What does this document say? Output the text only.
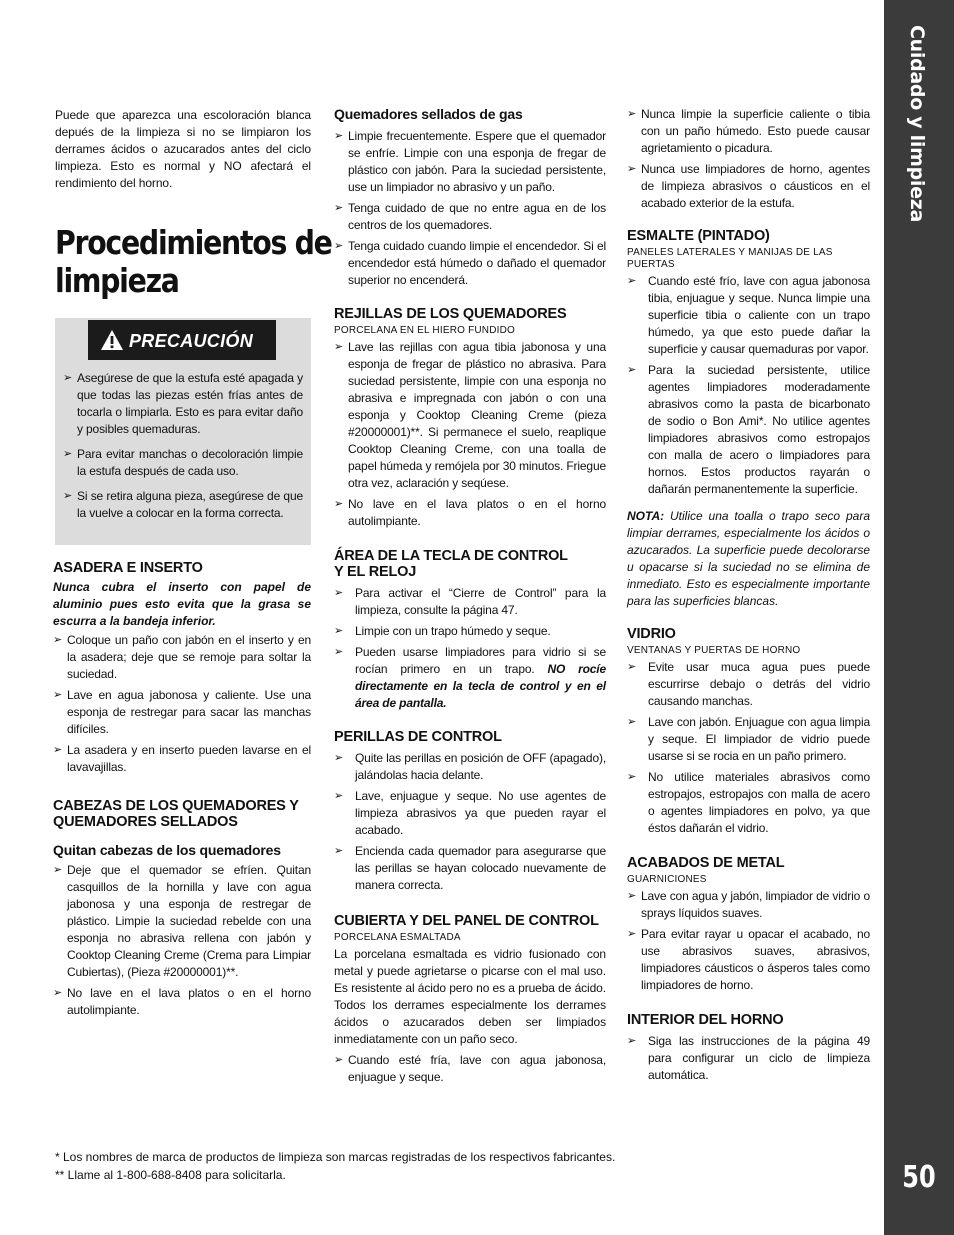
Puede que aparezca una escoloración blanca depués de la limpieza si no se limpiaron los derrames ácidos o azucarados antes del ciclo limpieza. Esto es normal y NO afectará el rendimiento del horno.

Procedimientos de
limpieza
PRECAUCIÓN
➢ Asegúrese de que la estufa esté apagada y que todas las piezas estén frías antes de tocarla o limpiarla. Esto es para evitar daño y posibles quemaduras.
➢ Para evitar manchas o decoloración limpie la estufa después de cada uso.
➢ Si se retira alguna pieza, asegúrese de que la vuelve a colocar en la forma correcta.

ASADERA E INSERTO

Nunca cubra el inserto con papel de aluminio pues esto evita que la grasa se escurra a la bandeja inferior.

➢ Coloque un paño con jabón en el inserto y en la asadera; deje que se remoje para soltar la suciedad.
➢ Lave en agua jabonosa y caliente. Use una esponja de restregar para sacar las manchas difíciles.
➢ La asadera y en inserto pueden lavarse en el lavavajillas.

CABEZAS DE LOS QUEMADORES Y
QUEMADORES SELLADOS

Quitan cabezas de los quemadores

➢ Deje que el quemador se efríen. Quitan casquillos de la hornilla y lave con agua jabonosa y una esponja de restregar de plástico. Limpie la suciedad rebelde con una esponja no abrasiva rellena con jabón y Cooktop Cleaning Creme (Crema para Limpiar Cubiertas), (Pieza #20000001)**.
➢ No lave en el lava platos o en el horno autolimpiante.

Quemadores sellados de gas

➢ Limpie frecuentemente. Espere que el quemador se enfríe. Limpie con una esponja de fregar de plástico con jabón. Para la suciedad persistente, use un limpiador no abrasivo y un paño.
➢ Tenga cuidado de que no entre agua en de los centros de los quemadores.
➢ Tenga cuidado cuando limpie el encendedor. Si el encendedor está húmedo o dañado el quemador superior no encenderá.

REJILLAS DE LOS QUEMADORES

PORCELANA EN EL HIERO FUNDIDO

➢ Lave las rejillas con agua tibia jabonosa y una esponja de fregar de plástico no abrasiva. Para suciedad persistente, limpie con una esponja no abrasiva e impregnada con jabón o con una esponja y Cooktop Cleaning Creme (pieza #20000001)**. Si permanece el suelo, reaplique Cooktop Cleaning Creme, con una toalla de papel húmeda y remójela por 30 minutos. Friegue otra vez, aclaración y seqúese.
➢ No lave en el lava platos o en el horno autolimpiante.

ÁREA DE LA TECLA DE CONTROL
Y EL RELOJ

➢ Para activar el “Cierre de Control” para la limpieza, consulte la página 47.
➢ Limpie con un trapo húmedo y seque.
➢ Pueden usarse limpiadores para vidrio si se rocían primero en un trapo. NO rocíe directamente en la tecla de control y en el área de pantalla.

PERILLAS DE CONTROL

➢ Quite las perillas en posición de OFF (apagado), jalándolas hacia delante.
➢ Lave, enjuague y seque. No use agentes de limpieza abrasivos ya que pueden rayar el acabado.
➢ Encienda cada quemador para asegurarse que las perillas se hayan colocado nuevamente de manera correcta.

CUBIERTA Y DEL PANEL DE CONTROL

PORCELANA ESMALTADA

La porcelana esmaltada es vidrio fusionado con metal y puede agrietarse o picarse con el mal uso. Es resistente al ácido pero no es a prueba de ácido. Todos los derrames especialmente los derrames ácidos o azucarados deben ser limpiados inmediatamente con un paño seco.

➢ Cuando esté fría, lave con agua jabonosa, enjuague y seque.
➢ Nunca limpie la superficie caliente o tibia con un paño húmedo. Esto puede causar agrietamiento o picadura.
➢ Nunca use limpiadores de horno, agentes de limpieza abrasivos o cáusticos en el acabado exterior de la estufa.

ESMALTE (PINTADO)

PANELES LATERALES Y MANIJAS DE LAS PUERTAS

➢ Cuando esté frío, lave con agua jabonosa tibia, enjuague y seque. Nunca limpie una superficie tibia o caliente con un trapo húmedo, ya que esto puede dañar la superficie y causar quemaduras por vapor.
➢ Para la suciedad persistente, utilice agentes limpiadores moderadamente abrasivos como la pasta de bicarbonato de sodio o Bon Ami*. No utilice agentes limpiadores abrasivos como estropajos con malla de acero o limpiadores para hornos. Estos productos rayarán o dañarán permanentemente la superficie.

NOTA: Utilice una toalla o trapo seco para limpiar derrames, especialmente los ácidos o azucarados. La superficie puede decolorarse u opacarse si la suciedad no se elimina de inmediato. Esto es especialmente importante para las superficies blancas.

VIDRIO

VENTANAS Y PUERTAS DE HORNO

➢ Evite usar muca agua pues puede escurrirse debajo o detrás del vidrio causando manchas.
➢ Lave con jabón. Enjuague con agua limpia y seque. El limpiador de vidrio puede usarse si se rocia en un paño primero.
➢ No utilice materiales abrasivos como estropajos, estropajos con malla de acero o agentes limpiadores en polvo, ya que éstos dañarán el vidrio.

ACABADOS DE METAL

GUARNICIONES

➢ Lave con agua y jabón, limpiador de vidrio o sprays líquidos suaves.
➢ Para evitar rayar u opacar el acabado, no use abrasivos suaves, abrasivos, limpiadores cáusticos o ásperos tales como limpiadores de horno.

INTERIOR DEL HORNO

➢ Siga las instrucciones de la página 49 para configurar un ciclo de limpieza automática.

* Los nombres de marca de productos de limpieza son marcas registradas de los respectivos fabricantes.

** Llame al 1-800-688-8408 para solicitarla.

Cuidado y limpieza
50
